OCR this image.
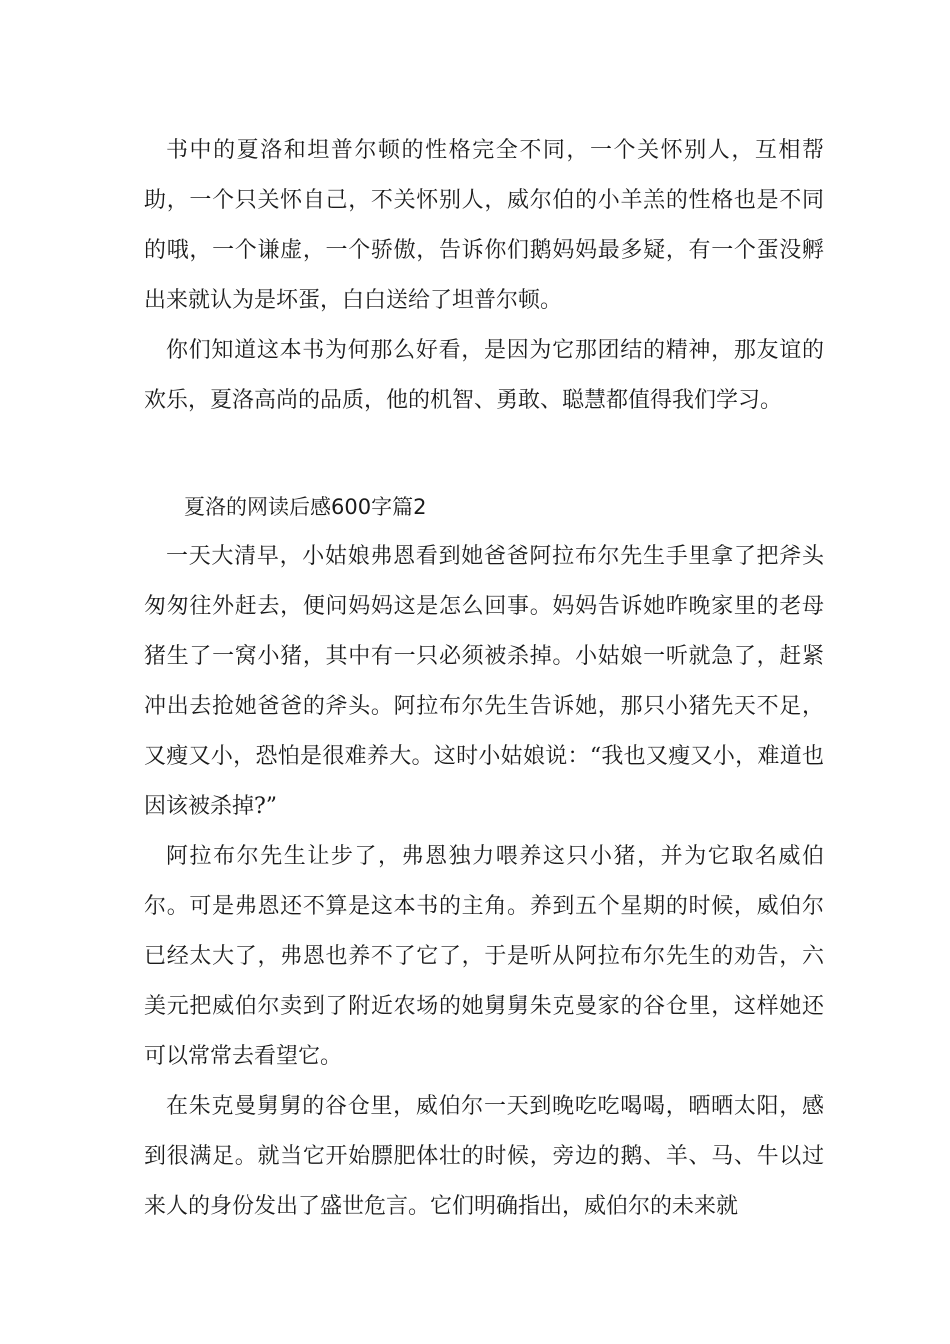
书中的夏洛和坦普尔顿的性格完全不同，一个关怀别人，互相帮助，一个只关怀自己，不关怀别人，威尔伯的小羊羔的性格也是不同的哦，一个谦虚，一个骄傲，告诉你们鹅妈妈最多疑，有一个蛋没孵出来就认为是坏蛋，白白送给了坦普尔顿。

你们知道这本书为何那么好看，是因为它那团结的精神，那友谊的欢乐，夏洛高尚的品质，他的机智、勇敢、聪慧都值得我们学习。

夏洛的网读后感600字篇2

一天大清早，小姑娘弗恩看到她爸爸阿拉布尔先生手里拿了把斧头匆匆往外赶去，便问妈妈这是怎么回事。妈妈告诉她昨晚家里的老母猪生了一窝小猪，其中有一只必须被杀掉。小姑娘一听就急了，赶紧冲出去抢她爸爸的斧头。阿拉布尔先生告诉她，那只小猪先天不足，又瘦又小，恐怕是很难养大。这时小姑娘说：“我也又瘦又小，难道也因该被杀掉?”

阿拉布尔先生让步了，弗恩独力喂养这只小猪，并为它取名威伯尔。可是弗恩还不算是这本书的主角。养到五个星期的时候，威伯尔已经太大了，弗恩也养不了它了，于是听从阿拉布尔先生的劝告，六美元把威伯尔卖到了附近农场的她舅舅朱克曼家的谷仓里，这样她还可以常常去看望它。

在朱克曼舅舅的谷仓里，威伯尔一天到晚吃吃喝喝，晒晒太阳，感到很满足。就当它开始膘肥体壮的时候，旁边的鹅、羊、马、牛以过来人的身份发出了盛世危言。它们明确指出，威伯尔的未来就
